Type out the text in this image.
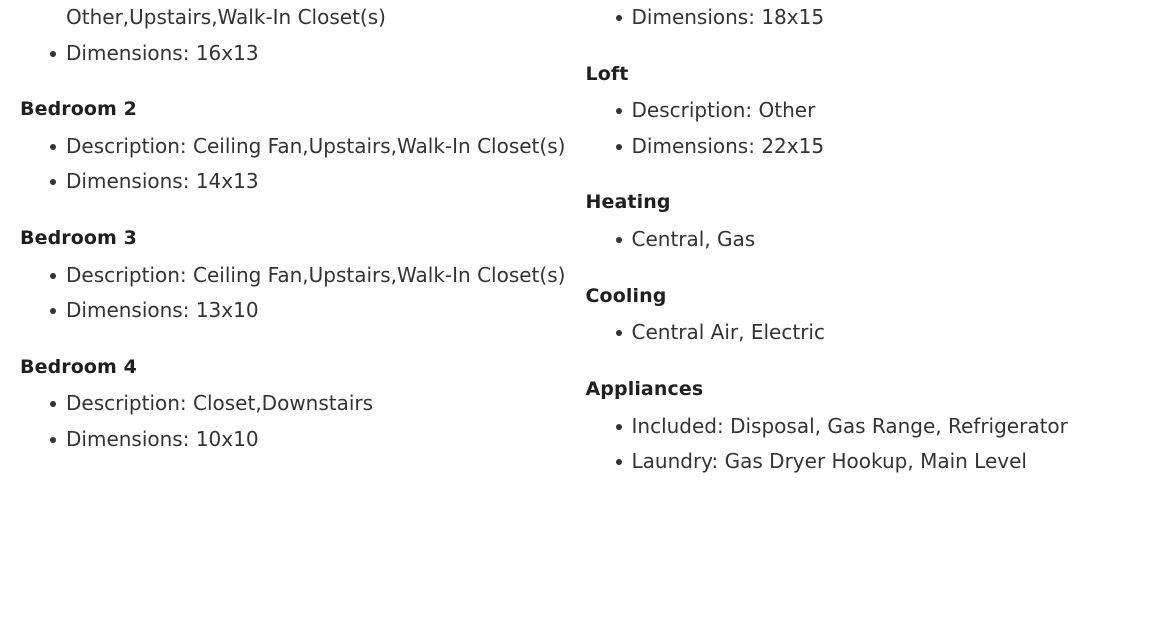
Other,Upstairs,Walk-In Closet(s)
Dimensions: 16x13
Bedroom 2
Description: Ceiling Fan,Upstairs,Walk-In Closet(s)
Dimensions: 14x13
Bedroom 3
Description: Ceiling Fan,Upstairs,Walk-In Closet(s)
Dimensions: 13x10
Bedroom 4
Description: Closet,Downstairs
Dimensions: 10x10
Dimensions: 18x15
Loft
Description: Other
Dimensions: 22x15
Heating
Central, Gas
Cooling
Central Air, Electric
Appliances
Included: Disposal, Gas Range, Refrigerator
Laundry: Gas Dryer Hookup, Main Level
